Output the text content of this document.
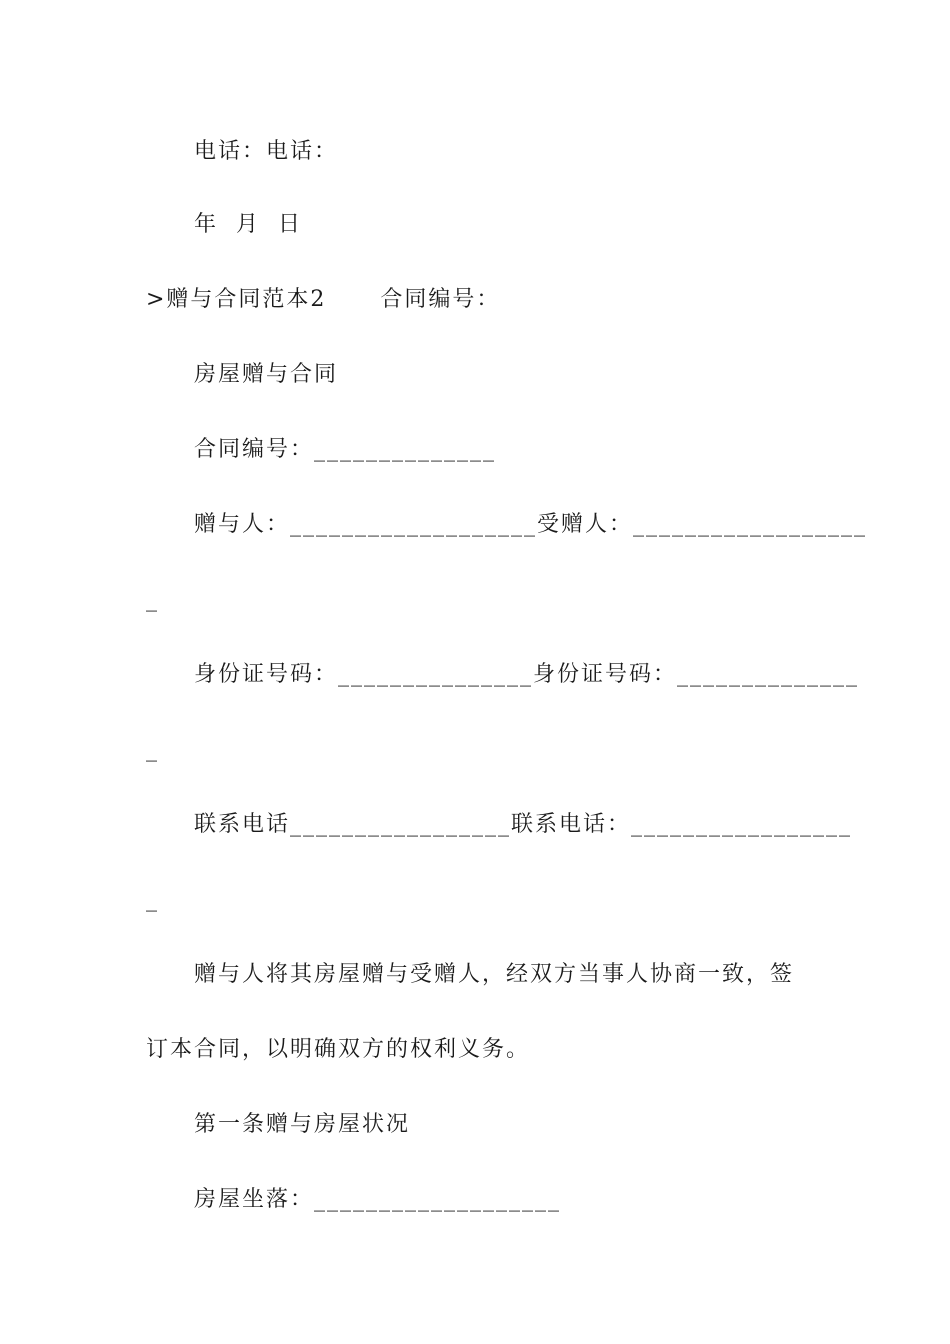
电话：电话：
年  月  日
>赠与合同范本2      合同编号：
房屋赠与合同
合同编号：______________
赠与人：___________________受赠人：__________________
_
身份证号码：_______________身份证号码：______________
_
联系电话_________________联系电话：_________________
_
赠与人将其房屋赠与受赠人，经双方当事人协商一致，签
订本合同，以明确双方的权利义务。
第一条赠与房屋状况
房屋坐落：___________________
